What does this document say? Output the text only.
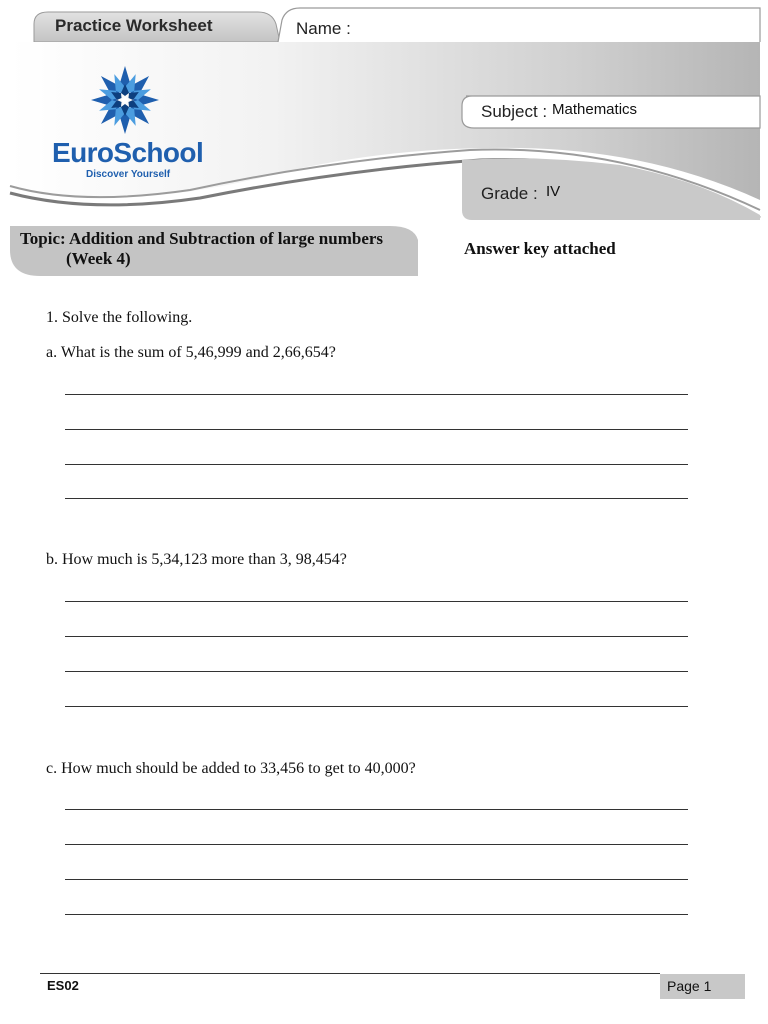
Practice Worksheet	Name :
EuroSchool
Discover Yourself
Subject : Mathematics
Grade : IV
Topic: Addition and Subtraction of large numbers
(Week 4)
Answer key attached
1. Solve the following.
a. What is the sum of 5,46,999 and 2,66,654?
b. How much is 5,34,123 more than 3, 98,454?
c. How much should be added to 33,456 to get to 40,000?
ES02	Page 1
